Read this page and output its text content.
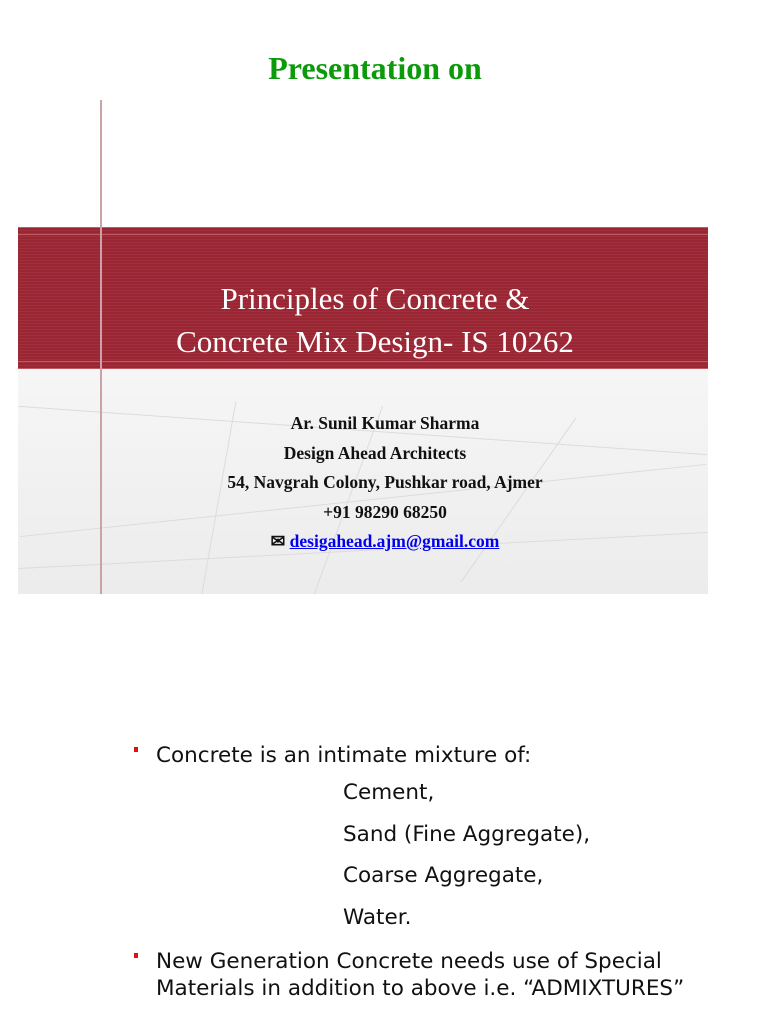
Presentation on
Principles of Concrete &
Concrete Mix Design- IS 10262
Ar. Sunil Kumar Sharma
Design Ahead Architects
54, Navgrah Colony, Pushkar road, Ajmer
+91 98290 68250
✉ desigahead.ajm@gmail.com
Concrete is an intimate mixture of:
Cement,
Sand (Fine Aggregate),
Coarse Aggregate,
Water.
New Generation Concrete needs use of Special
Materials in addition to above i.e. “ADMIXTURES”
